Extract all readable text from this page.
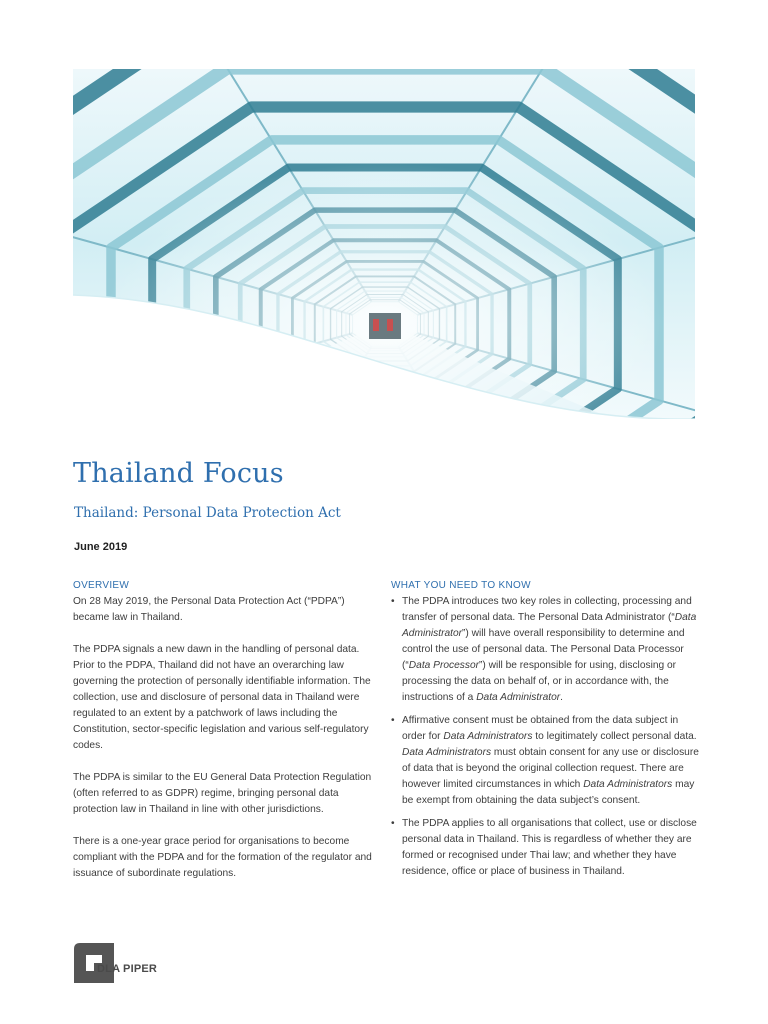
Thailand Focus
Thailand: Personal Data Protection Act
June 2019
OVERVIEW

On 28 May 2019, the Personal Data Protection Act (“PDPA”) became law in Thailand.

The PDPA signals a new dawn in the handling of personal data. Prior to the PDPA, Thailand did not have an overarching law governing the protection of personally identifiable information. The collection, use and disclosure of personal data in Thailand were regulated to an extent by a patchwork of laws including the Constitution, sector-specific legislation and various self-regulatory codes.

The PDPA is similar to the EU General Data Protection Regulation (often referred to as GDPR) regime, bringing personal data protection law in Thailand in line with other jurisdictions.

There is a one-year grace period for organisations to become compliant with the PDPA and for the formation of the regulator and issuance of subordinate regulations.

WHAT YOU NEED TO KNOW
• The PDPA introduces two key roles in collecting, processing and transfer of personal data. The Personal Data Administrator (“Data Administrator”) will have overall responsibility to determine and control the use of personal data. The Personal Data Processor (“Data Processor”) will be responsible for using, disclosing or processing the data on behalf of, or in accordance with, the instructions of a Data Administrator.
• Affirmative consent must be obtained from the data subject in order for Data Administrators to legitimately collect personal data. Data Administrators must obtain consent for any use or disclosure of data that is beyond the original collection request. There are however limited circumstances in which Data Administrators may be exempt from obtaining the data subject’s consent.
• The PDPA applies to all organisations that collect, use or disclose personal data in Thailand. This is regardless of whether they are formed or recognised under Thai law; and whether they have residence, office or place of business in Thailand.
DLA PIPER
